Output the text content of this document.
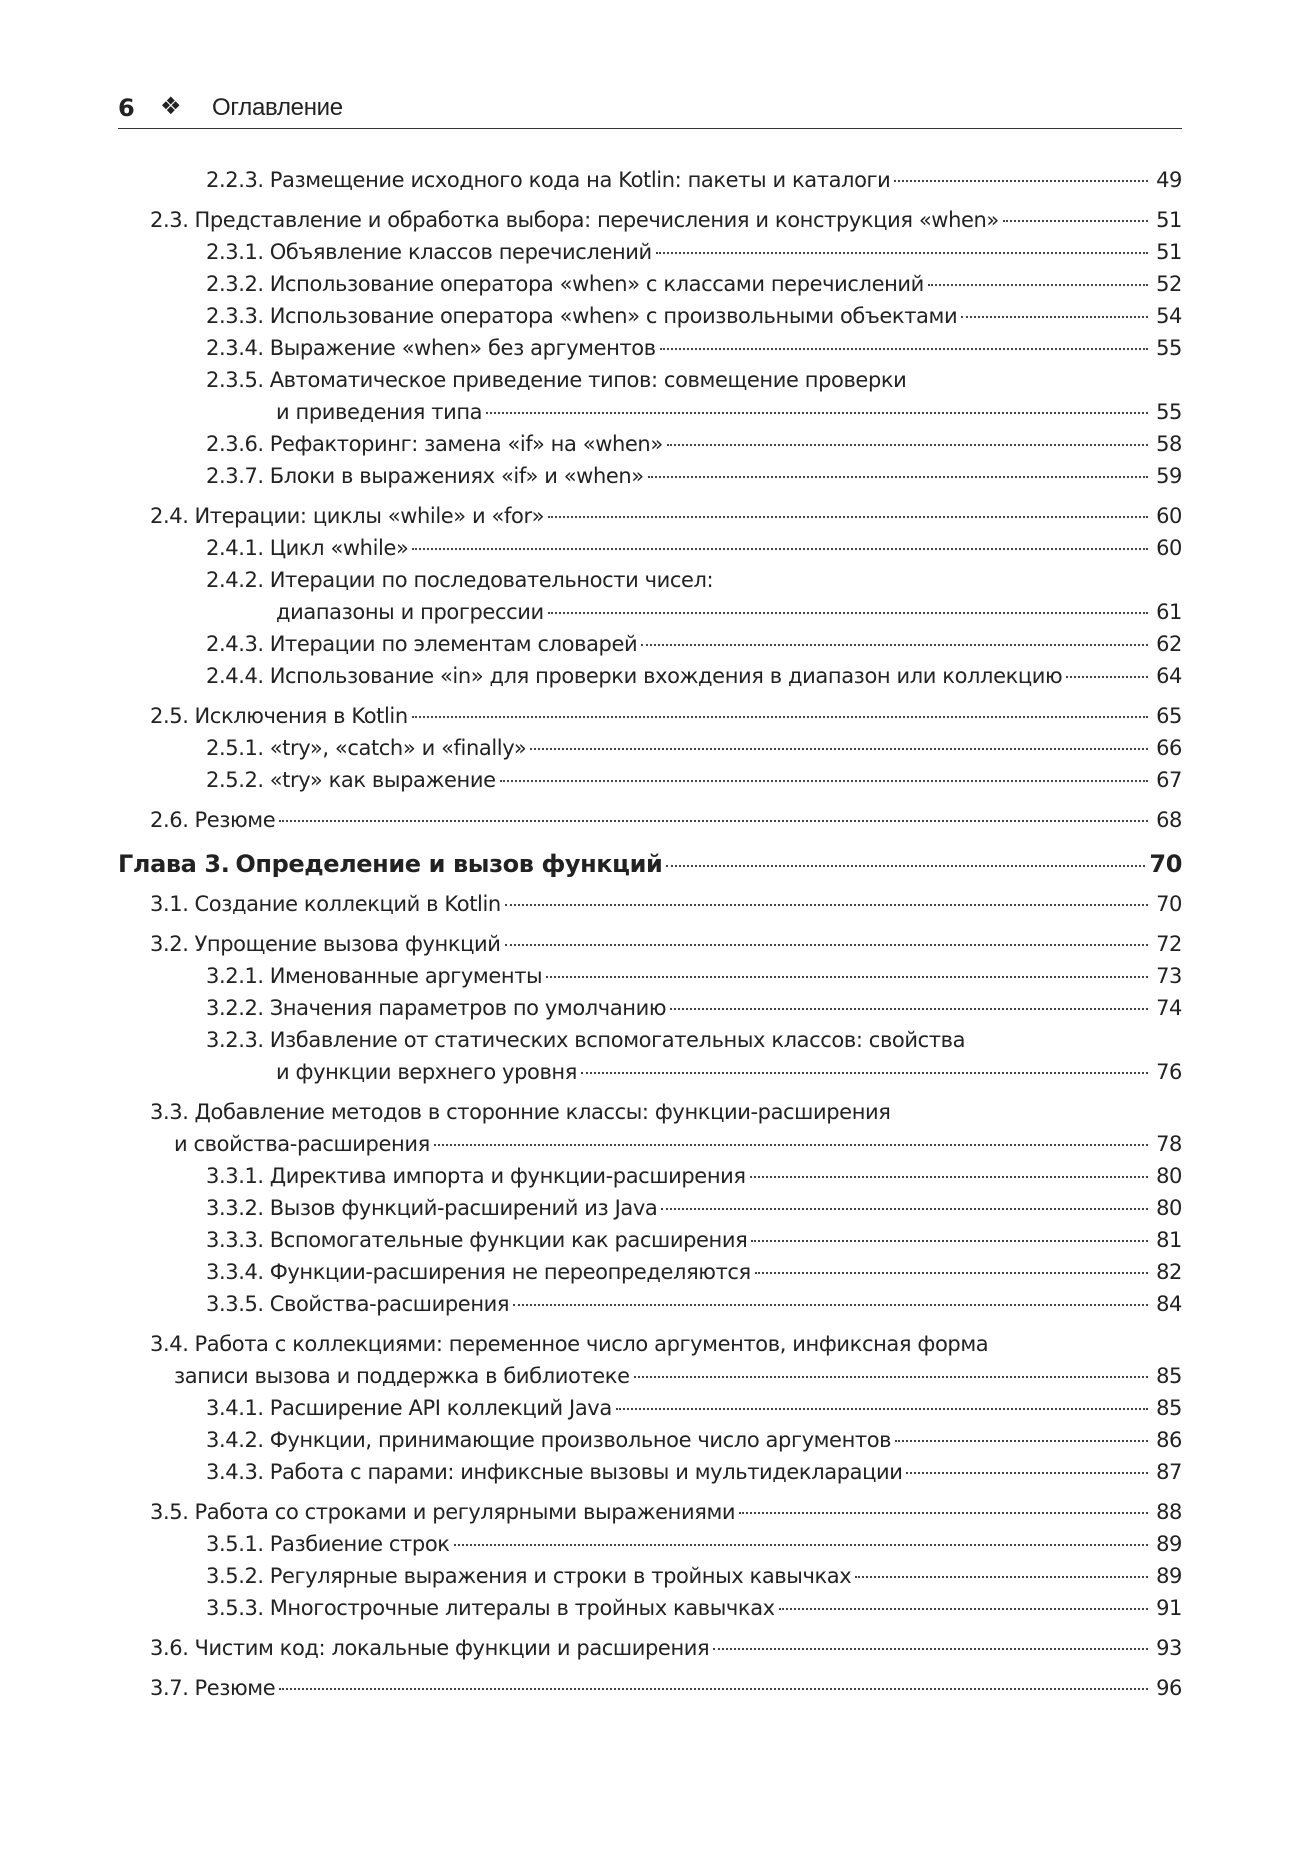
6 ❖ Оглавление
2.2.3. Размещение исходного кода на Kotlin: пакеты и каталоги	49
2.3. Представление и обработка выбора: перечисления и конструкция «when»	51
2.3.1. Объявление классов перечислений	51
2.3.2. Использование оператора «when» с классами перечислений	52
2.3.3. Использование оператора «when» с произвольными объектами	54
2.3.4. Выражение «when» без аргументов	55
2.3.5. Автоматическое приведение типов: совмещение проверки
и приведения типа	55
2.3.6. Рефакторинг: замена «if» на «when»	58
2.3.7. Блоки в выражениях «if» и «when»	59
2.4. Итерации: циклы «while» и «for»	60
2.4.1. Цикл «while»	60
2.4.2. Итерации по последовательности чисел:
диапазоны и прогрессии	61
2.4.3. Итерации по элементам словарей	62
2.4.4. Использование «in» для проверки вхождения в диапазон или коллекцию	64
2.5. Исключения в Kotlin	65
2.5.1. «try», «catch» и «finally»	66
2.5.2. «try» как выражение	67
2.6. Резюме	68
Глава 3. Определение и вызов функций	70
3.1. Создание коллекций в Kotlin	70
3.2. Упрощение вызова функций	72
3.2.1. Именованные аргументы	73
3.2.2. Значения параметров по умолчанию	74
3.2.3. Избавление от статических вспомогательных классов: свойства
и функции верхнего уровня	76
3.3. Добавление методов в сторонние классы: функции-расширения
и свойства-расширения	78
3.3.1. Директива импорта и функции-расширения	80
3.3.2. Вызов функций-расширений из Java	80
3.3.3. Вспомогательные функции как расширения	81
3.3.4. Функции-расширения не переопределяются	82
3.3.5. Свойства-расширения	84
3.4. Работа с коллекциями: переменное число аргументов, инфиксная форма
записи вызова и поддержка в библиотеке	85
3.4.1. Расширение API коллекций Java	85
3.4.2. Функции, принимающие произвольное число аргументов	86
3.4.3. Работа с парами: инфиксные вызовы и мультидекларации	87
3.5. Работа со строками и регулярными выражениями	88
3.5.1. Разбиение строк	89
3.5.2. Регулярные выражения и строки в тройных кавычках	89
3.5.3. Многострочные литералы в тройных кавычках	91
3.6. Чистим код: локальные функции и расширения	93
3.7. Резюме	96
